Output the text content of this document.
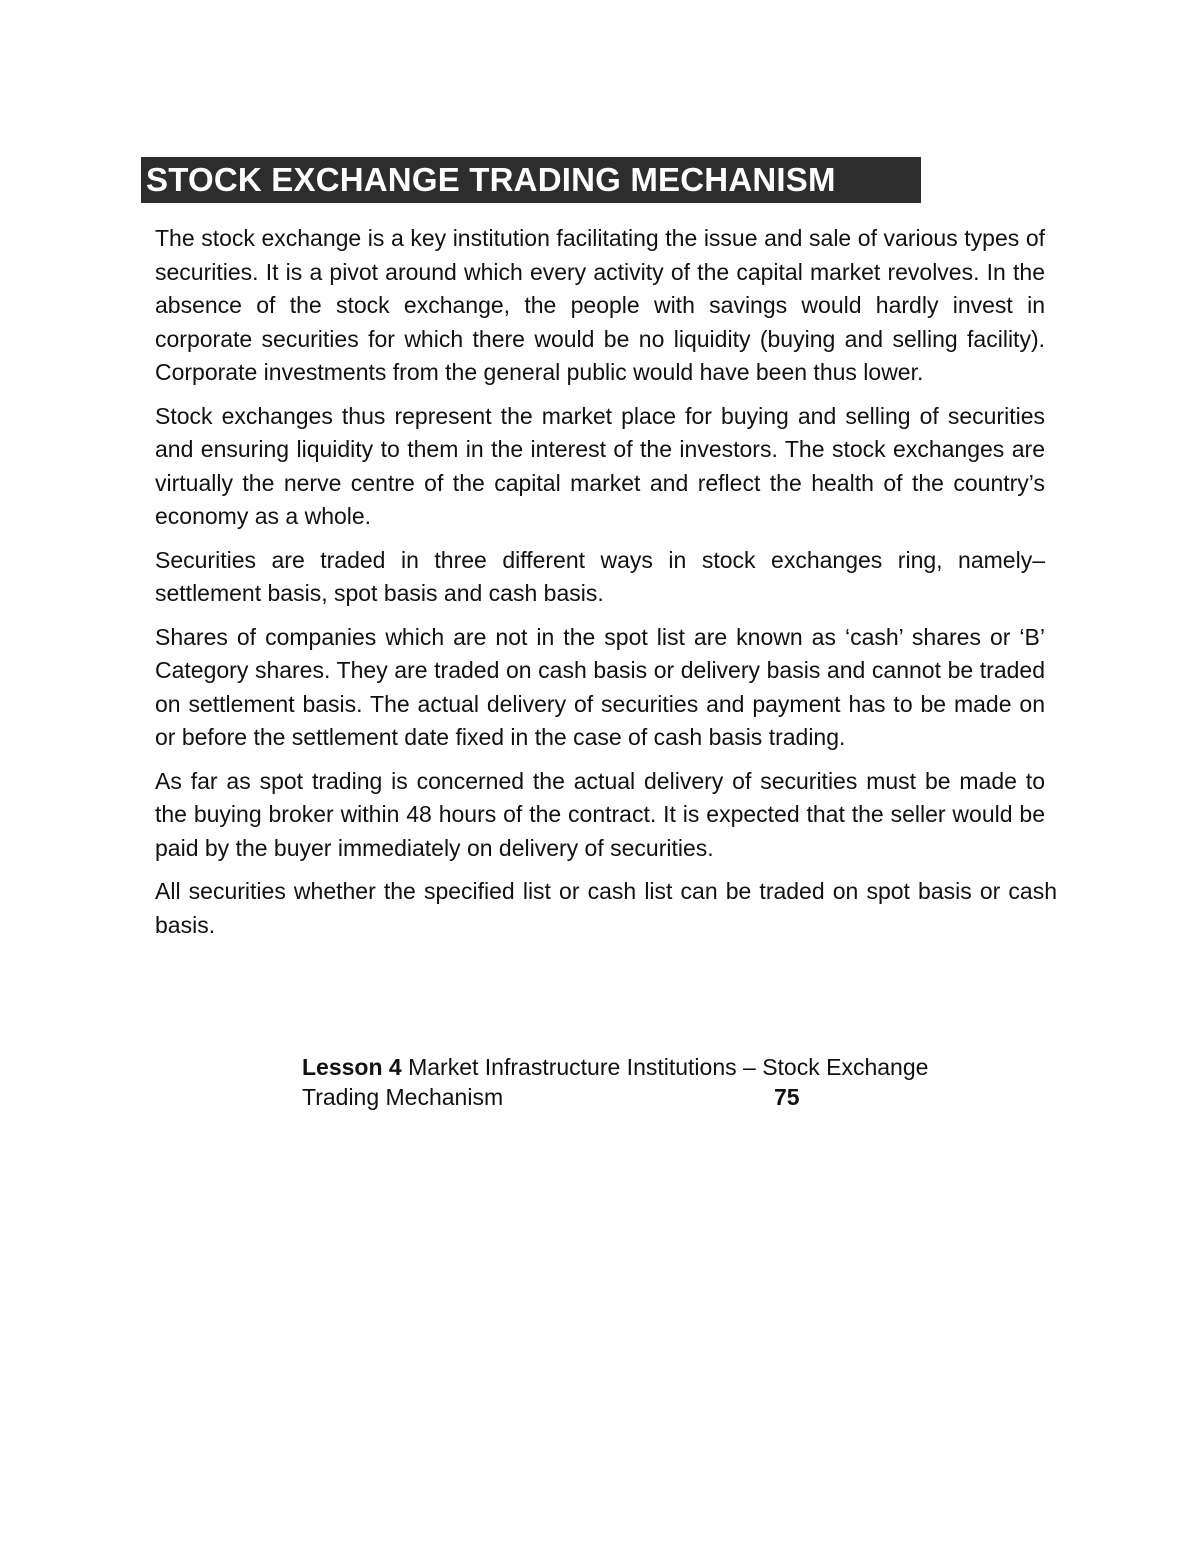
STOCK EXCHANGE TRADING MECHANISM

The stock exchange is a key institution facilitating the issue and sale of various types of securities. It is a pivot around which every activity of the capital market revolves. In the absence of the stock exchange, the people with savings would hardly invest in corporate securities for which there would be no liquidity (buying and selling facility). Corporate investments from the general public would have been thus lower.

Stock exchanges thus represent the market place for buying and selling of securities and ensuring liquidity to them in the interest of the investors. The stock exchanges are virtually the nerve centre of the capital market and reflect the health of the country’s economy as a whole.

Securities are traded in three different ways in stock exchanges ring, namely– settlement basis, spot basis and cash basis.

Shares of companies which are not in the spot list are known as ‘cash’ shares or ‘B’ Category shares. They are traded on cash basis or delivery basis and cannot be traded on settlement basis. The actual delivery of securities and payment has to be made on or before the settlement date fixed in the case of cash basis trading.

As far as spot trading is concerned the actual delivery of securities must be made to the buying broker within 48 hours of the contract. It is expected that the seller would be paid by the buyer immediately on delivery of securities.

All securities whether the specified list or cash list can be traded on spot basis or cash basis.

Lesson 4 Market Infrastructure Institutions – Stock Exchange
Trading Mechanism	75
